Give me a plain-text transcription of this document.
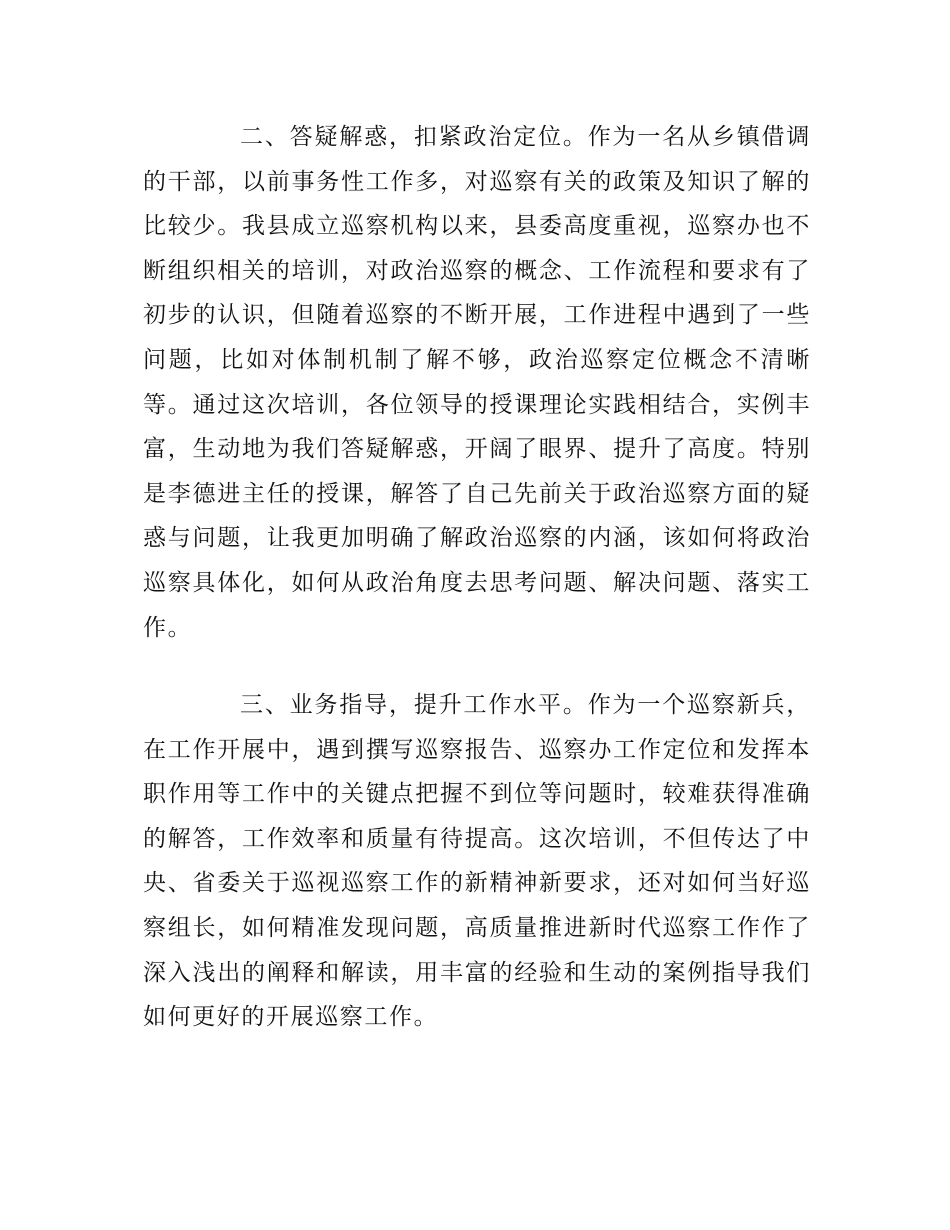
二、答疑解惑，扣紧政治定位。作为一名从乡镇借调的干部，以前事务性工作多，对巡察有关的政策及知识了解的比较少。我县成立巡察机构以来，县委高度重视，巡察办也不断组织相关的培训，对政治巡察的概念、工作流程和要求有了初步的认识，但随着巡察的不断开展，工作进程中遇到了一些问题，比如对体制机制了解不够，政治巡察定位概念不清晰等。通过这次培训，各位领导的授课理论实践相结合，实例丰富，生动地为我们答疑解惑，开阔了眼界、提升了高度。特别是李德进主任的授课，解答了自己先前关于政治巡察方面的疑惑与问题，让我更加明确了解政治巡察的内涵，该如何将政治巡察具体化，如何从政治角度去思考问题、解决问题、落实工作。

三、业务指导，提升工作水平。作为一个巡察新兵，在工作开展中，遇到撰写巡察报告、巡察办工作定位和发挥本职作用等工作中的关键点把握不到位等问题时，较难获得准确的解答，工作效率和质量有待提高。这次培训，不但传达了中央、省委关于巡视巡察工作的新精神新要求，还对如何当好巡察组长，如何精准发现问题，高质量推进新时代巡察工作作了深入浅出的阐释和解读，用丰富的经验和生动的案例指导我们如何更好的开展巡察工作。
